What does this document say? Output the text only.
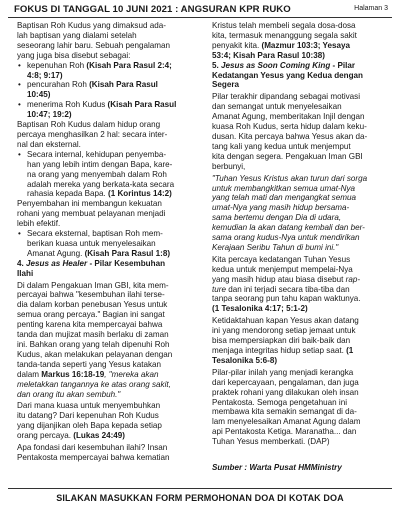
FOKUS DI TANGGAL 10 JUNI 2021 : ANGSURAN KPR RUKO	Halaman 3

Baptisan Roh Kudus yang dimaksud ada-
lah baptisan yang dialami setelah
seseorang lahir baru. Sebuah pengalaman
yang juga bisa disebut sebagai:

• kepenuhan Roh (Kisah Para Rasul 2:4;
4:8; 9:17)
• pencurahan Roh (Kisah Para Rasul
10:45)
• menerima Roh Kudus (Kisah Para Rasul
10:47; 19:2)

Baptisan Roh Kudus dalam hidup orang
percaya menghasilkan 2 hal: secara inter-
nal dan eksternal.

• Secara internal, kehidupan penyemba-
han yang lebih intim dengan Bapa, kare-
na orang yang menyembah dalam Roh
adalah mereka yang berkata-kata secara
rahasia kepada Bapa. (1 Korintus 14:2)

Penyembahan ini membangun kekuatan
rohani yang membuat pelayanan menjadi
lebih efektif.

• Secara eksternal, baptisan Roh mem-
berikan kuasa untuk menyelesaikan
Amanat Agung. (Kisah Para Rasul 1:8)

4. Jesus as Healer - Pilar Kesembuhan
Ilahi

Di dalam Pengakuan Iman GBI, kita mem-
percayai bahwa "kesembuhan ilahi terse-
dia dalam korban penebusan Yesus untuk
semua orang percaya." Bagian ini sangat
penting karena kita mempercayai bahwa
tanda dan mujizat masih berlaku di zaman
ini. Bahkan orang yang telah dipenuhi Roh
Kudus, akan melakukan pelayanan dengan
tanda-tanda seperti yang Yesus katakan
dalam Markus 16:18-19, "mereka akan
meletakkan tangannya ke atas orang sakit,
dan orang itu akan sembuh."

Dari mana kuasa untuk menyembuhkan
itu datang? Dari kepenuhan Roh Kudus
yang dijanjikan oleh Bapa kepada setiap
orang percaya. (Lukas 24:49)

Apa fondasi dari kesembuhan ilahi? Insan
Pentakosta mempercayai bahwa kematian

Kristus telah membeli segala dosa-dosa
kita, termasuk menanggung segala sakit
penyakit kita. (Mazmur 103:3; Yesaya
53:4; Kisah Para Rasul 10:38)

5. Jesus as Soon Coming King - Pilar
Kedatangan Yesus yang Kedua dengan
Segera

Pilar terakhir dipandang sebagai motivasi
dan semangat untuk menyelesaikan
Amanat Agung, memberitakan Injil dengan
kuasa Roh Kudus, serta hidup dalam keku-
dusan. Kita percaya bahwa Yesus akan da-
tang kali yang kedua untuk menjemput
kita dengan segera. Pengakuan Iman GBI
berbunyi,

"Tuhan Yesus Kristus akan turun dari sorga
untuk membangkitkan semua umat-Nya
yang telah mati dan mengangkat semua
umat-Nya yang masih hidup bersama-
sama bertemu dengan Dia di udara,
kemudian la akan datang kembali dan ber-
sama orang kudus-Nya untuk mendirikan
Kerajaan Seribu Tahun di bumi ini."

Kita percaya kedatangan Tuhan Yesus
kedua untuk menjemput mempelai-Nya
yang masih hidup atau biasa disebut rap-
ture dan ini terjadi secara tiba-tiba dan
tanpa seorang pun tahu kapan waktunya.
(1 Tesalonika 4:17; 5:1-2)

Ketidaktahuan kapan Yesus akan datang
ini yang mendorong setiap jemaat untuk
bisa mempersiapkan diri baik-baik dan
menjaga integritas hidup setiap saat. (1
Tesalonika 5:6-8)

Pilar-pilar inilah yang menjadi kerangka
dari kepercayaan, pengalaman, dan juga
praktek rohani yang dilakukan oleh insan
Pentakosta. Semoga pengetahuan ini
membawa kita semakin semangat di da-
lam menyelesaikan Amanat Agung dalam
api Pentakosta Ketiga. Maranatha... dan
Tuhan Yesus memberkati. (DAP)

Sumber : Warta Pusat HMMinistry

SILAKAN MASUKKAN FORM PERMOHONAN DOA DI KOTAK DOA
